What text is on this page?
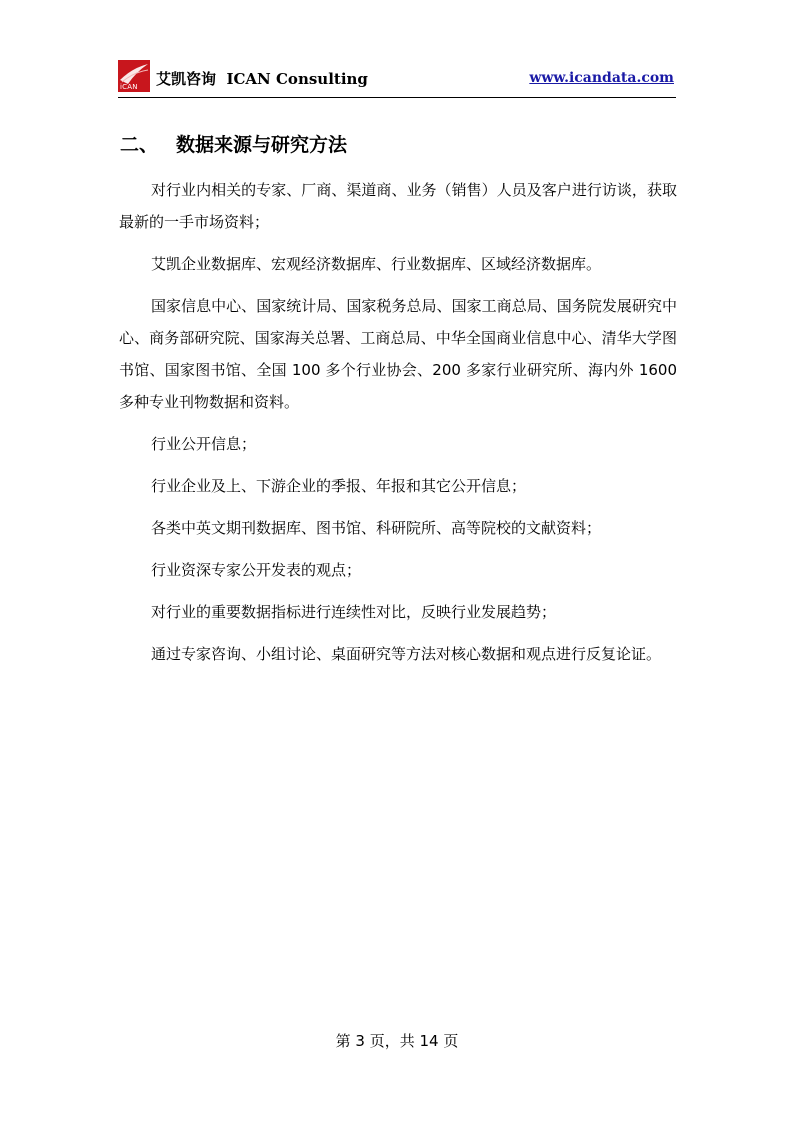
iCAN 艾凯咨询 ICAN Consulting	www.icandata.com
二、 数据来源与研究方法

对行业内相关的专家、厂商、渠道商、业务（销售）人员及客户进行访谈，获取最新的一手市场资料；

艾凯企业数据库、宏观经济数据库、行业数据库、区域经济数据库。

国家信息中心、国家统计局、国家税务总局、国家工商总局、国务院发展研究中心、商务部研究院、国家海关总署、工商总局、中华全国商业信息中心、清华大学图书馆、国家图书馆、全国 100 多个行业协会、200 多家行业研究所、海内外 1600 多种专业刊物数据和资料。

行业公开信息；

行业企业及上、下游企业的季报、年报和其它公开信息；

各类中英文期刊数据库、图书馆、科研院所、高等院校的文献资料；

行业资深专家公开发表的观点；

对行业的重要数据指标进行连续性对比，反映行业发展趋势；

通过专家咨询、小组讨论、桌面研究等方法对核心数据和观点进行反复论证。

第 3 页，共 14 页
